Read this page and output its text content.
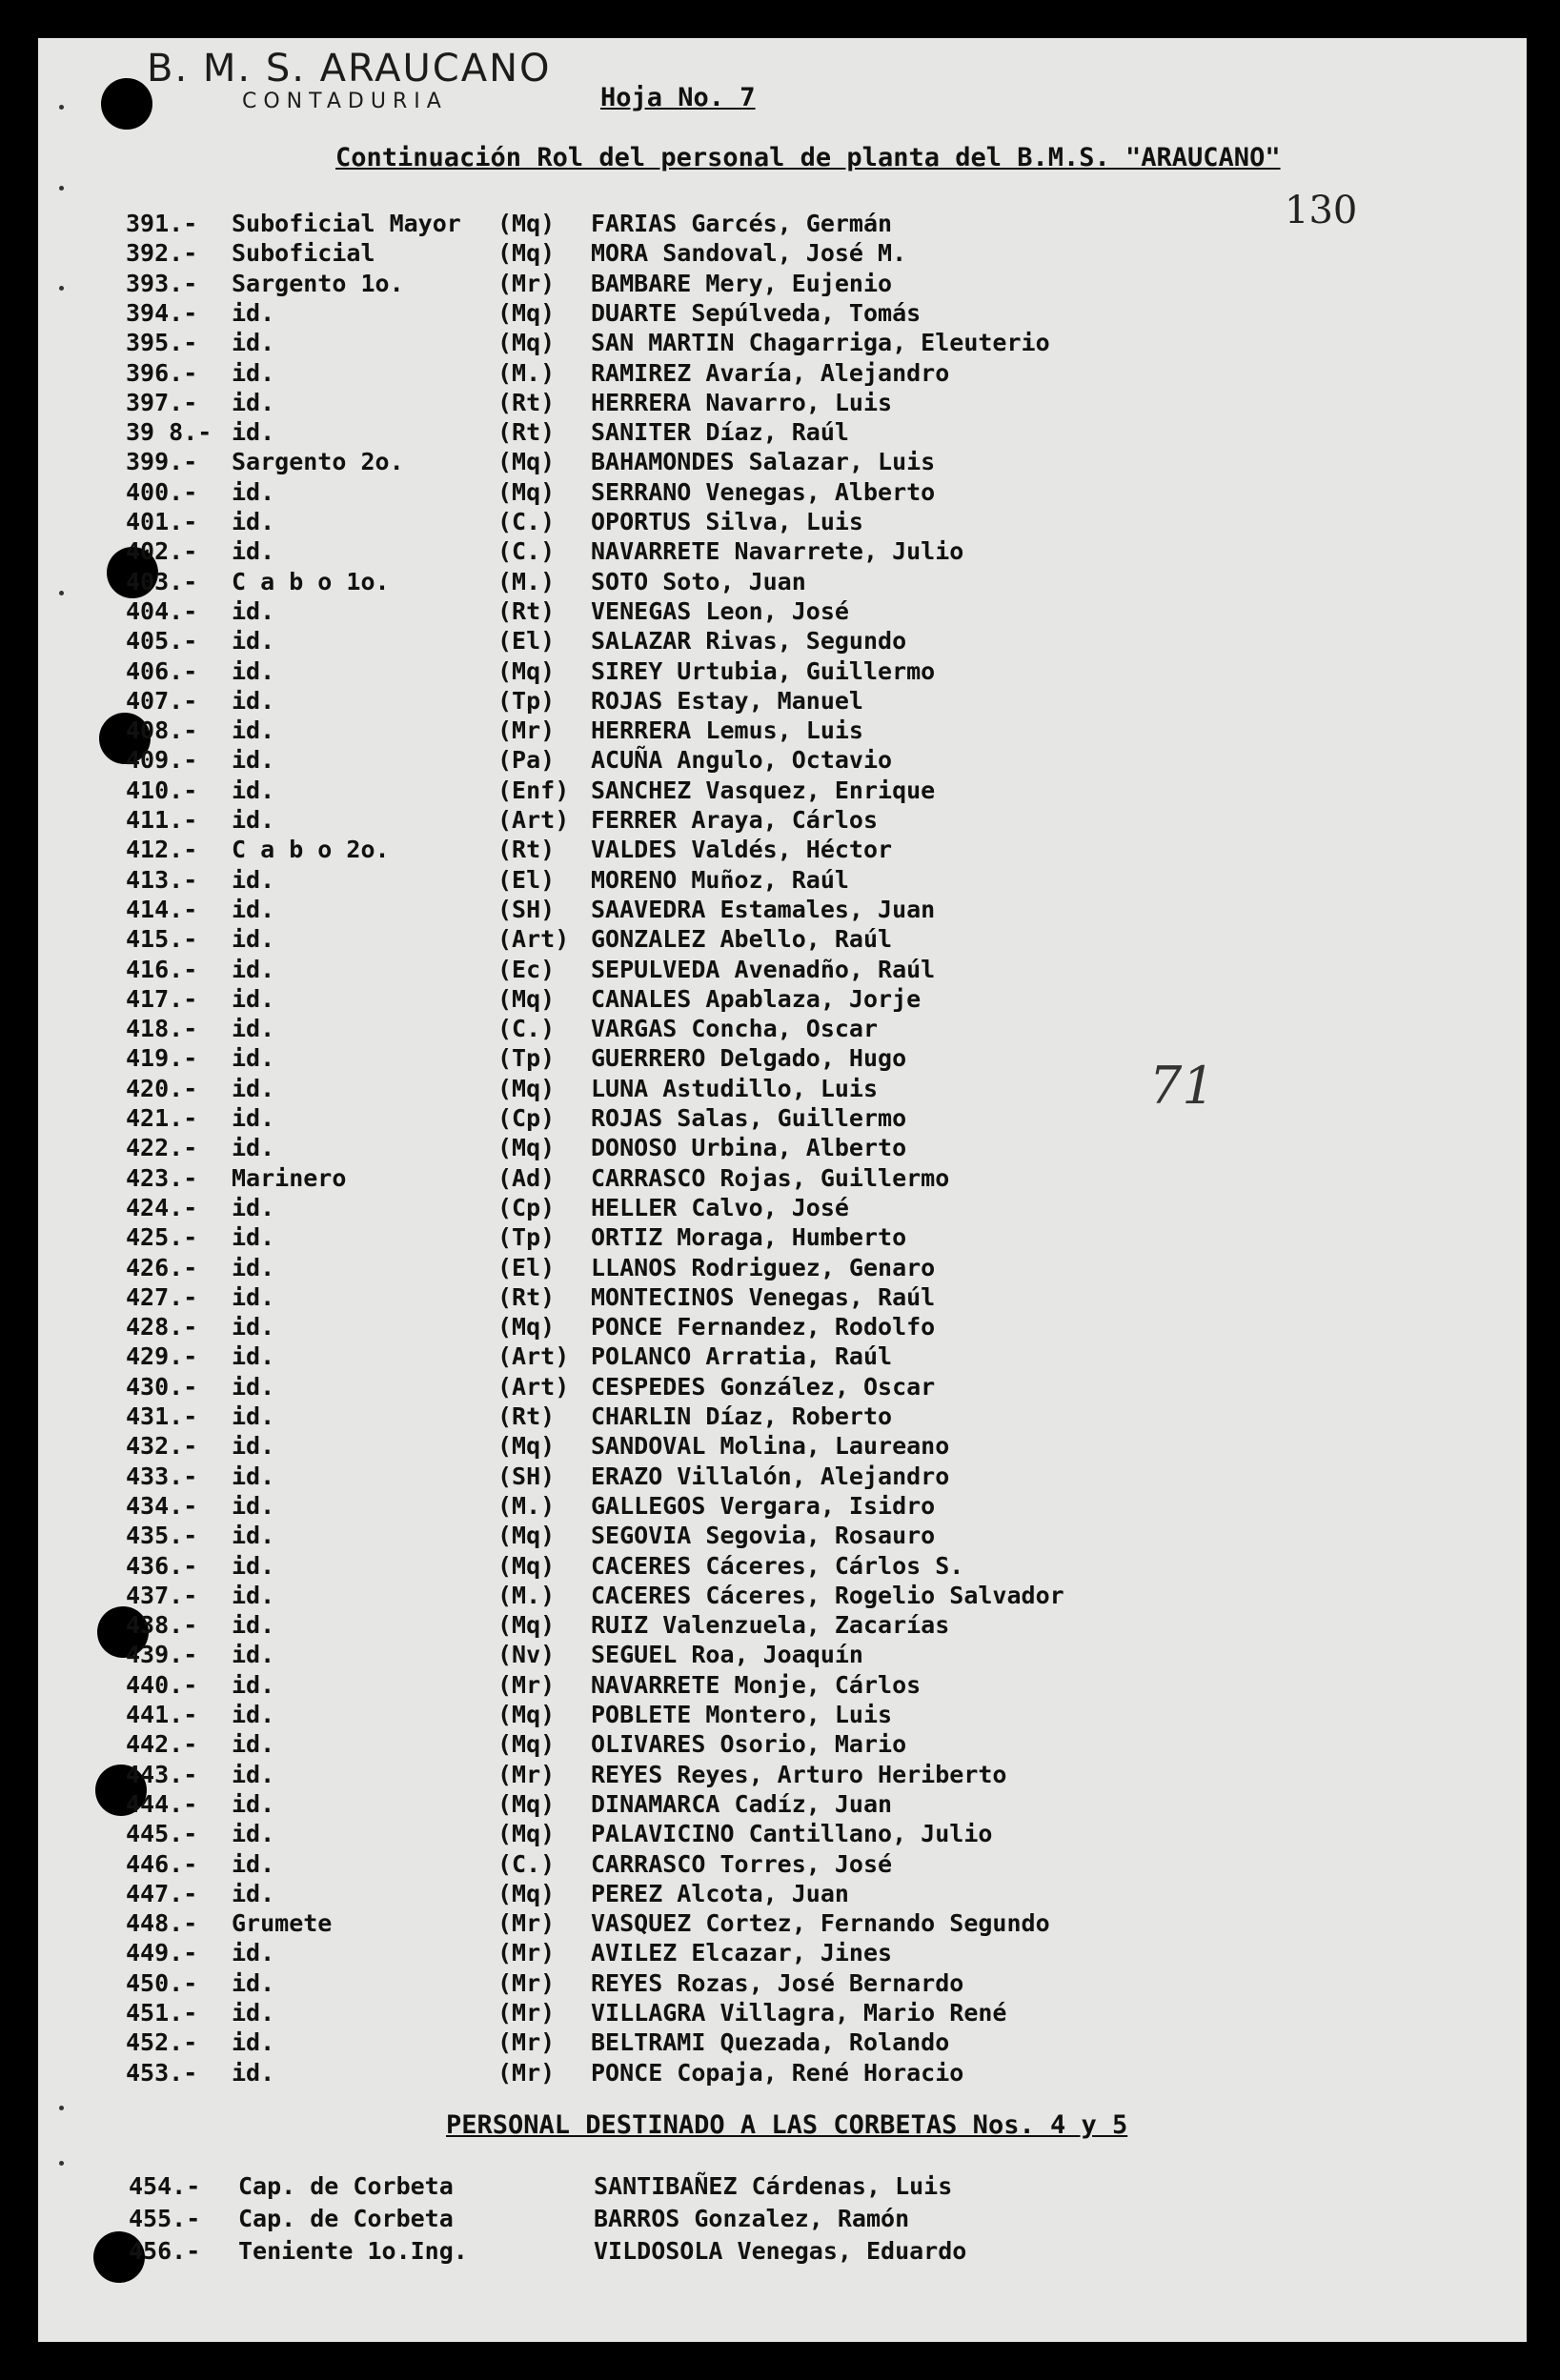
B. M. S. ARAUCANO
CONTADURIA	Hoja No. 7
Continuación Rol del personal de planta del B.M.S. "ARAUCANO"
130
71
391.- Suboficial Mayor (Mq) FARIAS Garcés, Germán
392.- Suboficial	(Mq) MORA Sandoval, José M.
393.- Sargento 1o.	(Mr) BAMBARE Mery, Eujenio
394.- id.	(Mq) DUARTE Sepúlveda, Tomás
395.- id.	(Mq) SAN MARTIN Chagarriga, Eleuterio
396.- id.	(M.) RAMIREZ Avaría, Alejandro
397.- id.	(Rt) HERRERA Navarro, Luis
39 8.- id.	(Rt) SANITER Díaz, Raúl
399.- Sargento 2o.	(Mq) BAHAMONDES Salazar, Luis
400.- id.	(Mq) SERRANO Venegas, Alberto
401.- id.	(C.) OPORTUS Silva, Luis
402.- id.	(C.) NAVARRETE Navarrete, Julio
403.- C a b o 1o.	(M.) SOTO Soto, Juan
404.- id.	(Rt) VENEGAS Leon, José
405.- id.	(El) SALAZAR Rivas, Segundo
406.- id.	(Mq) SIREY Urtubia, Guillermo
407.- id.	(Tp) ROJAS Estay, Manuel
408.- id.	(Mr) HERRERA Lemus, Luis
409.- id.	(Pa) ACUÑA Angulo, Octavio
410.- id.	(Enf) SANCHEZ Vasquez, Enrique
411.- id.	(Art) FERRER Araya, Cárlos
412.- C a b o 2o.	(Rt) VALDES Valdés, Héctor
413.- id.	(El) MORENO Muñoz, Raúl
414.- id.	(SH) SAAVEDRA Estamales, Juan
415.- id.	(Art) GONZALEZ Abello, Raúl
416.- id.	(Ec) SEPULVEDA Avenadño, Raúl
417.- id.	(Mq) CANALES Apablaza, Jorje
418.- id.	(C.) VARGAS Concha, Oscar
419.- id.	(Tp) GUERRERO Delgado, Hugo
420.- id.	(Mq) LUNA Astudillo, Luis
421.- id.	(Cp) ROJAS Salas, Guillermo
422.- id.	(Mq) DONOSO Urbina, Alberto
423.- Marinero	(Ad) CARRASCO Rojas, Guillermo
424.- id.	(Cp) HELLER Calvo, José
425.- id.	(Tp) ORTIZ Moraga, Humberto
426.- id.	(El) LLANOS Rodriguez, Genaro
427.- id.	(Rt) MONTECINOS Venegas, Raúl
428.- id.	(Mq) PONCE Fernandez, Rodolfo
429.- id.	(Art) POLANCO Arratia, Raúl
430.- id.	(Art) CESPEDES González, Oscar
431.- id.	(Rt) CHARLIN Díaz, Roberto
432.- id.	(Mq) SANDOVAL Molina, Laureano
433.- id.	(SH) ERAZO Villalón, Alejandro
434.- id.	(M.) GALLEGOS Vergara, Isidro
435.- id.	(Mq) SEGOVIA Segovia, Rosauro
436.- id.	(Mq) CACERES Cáceres, Cárlos S.
437.- id.	(M.) CACERES Cáceres, Rogelio Salvador
438.- id.	(Mq) RUIZ Valenzuela, Zacarías
439.- id.	(Nv) SEGUEL Roa, Joaquín
440.- id.	(Mr) NAVARRETE Monje, Cárlos
441.- id.	(Mq) POBLETE Montero, Luis
442.- id.	(Mq) OLIVARES Osorio, Mario
443.- id.	(Mr) REYES Reyes, Arturo Heriberto
444.- id.	(Mq) DINAMARCA Cadíz, Juan
445.- id.	(Mq) PALAVICINO Cantillano, Julio
446.- id.	(C.) CARRASCO Torres, José
447.- id.	(Mq) PEREZ Alcota, Juan
448.- Grumete	(Mr) VASQUEZ Cortez, Fernando Segundo
449.- id.	(Mr) AVILEZ Elcazar, Jines
450.- id.	(Mr) REYES Rozas, José Bernardo
451.- id.	(Mr) VILLAGRA Villagra, Mario René
452.- id.	(Mr) BELTRAMI Quezada, Rolando
453.- id.	(Mr) PONCE Copaja, René Horacio
PERSONAL DESTINADO A LAS CORBETAS Nos. 4 y 5
454.- Cap. de Corbeta	SANTIBAÑEZ Cárdenas, Luis
455.- Cap. de Corbeta	BARROS Gonzalez, Ramón
456.- Teniente 1o.Ing.	VILDOSOLA Venegas, Eduardo
